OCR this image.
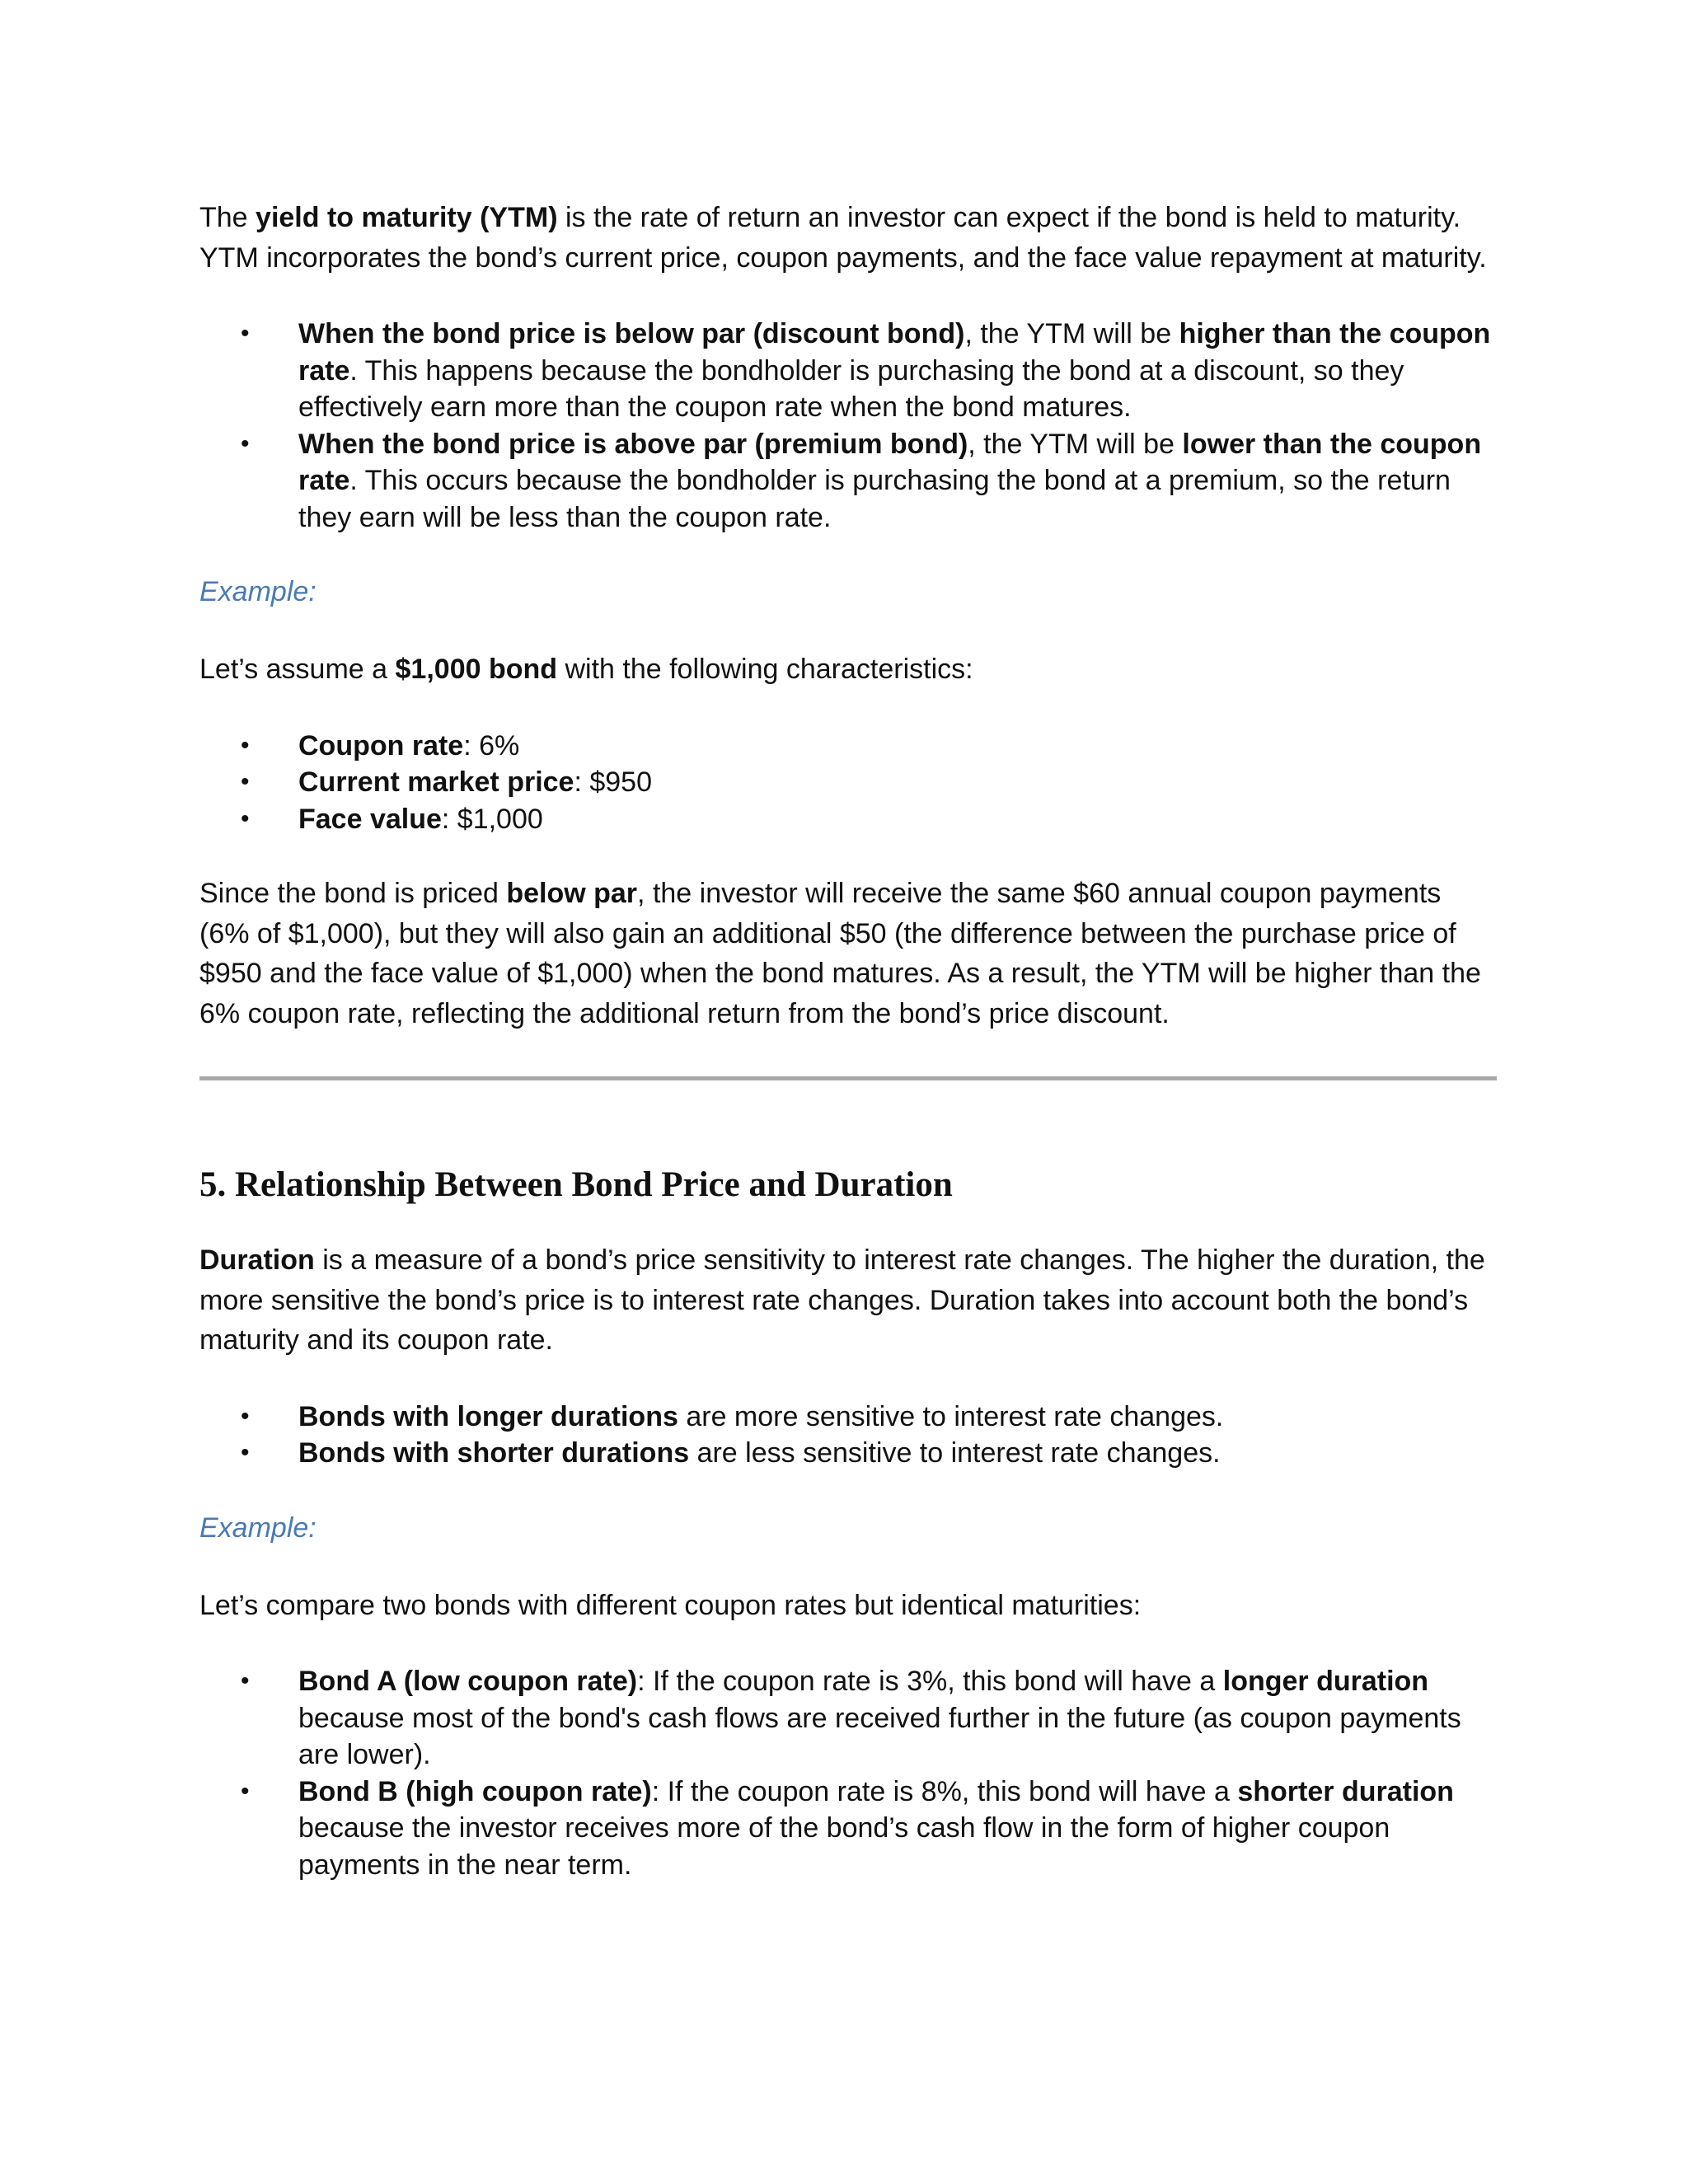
The yield to maturity (YTM) is the rate of return an investor can expect if the bond is held to maturity. YTM incorporates the bond’s current price, coupon payments, and the face value repayment at maturity.

• When the bond price is below par (discount bond), the YTM will be higher than the coupon rate. This happens because the bondholder is purchasing the bond at a discount, so they effectively earn more than the coupon rate when the bond matures.
• When the bond price is above par (premium bond), the YTM will be lower than the coupon rate. This occurs because the bondholder is purchasing the bond at a premium, so the return they earn will be less than the coupon rate.

Example:

Let’s assume a $1,000 bond with the following characteristics:

• Coupon rate: 6%
• Current market price: $950
• Face value: $1,000

Since the bond is priced below par, the investor will receive the same $60 annual coupon payments (6% of $1,000), but they will also gain an additional $50 (the difference between the purchase price of $950 and the face value of $1,000) when the bond matures. As a result, the YTM will be higher than the 6% coupon rate, reflecting the additional return from the bond’s price discount.

5. Relationship Between Bond Price and Duration

Duration is a measure of a bond’s price sensitivity to interest rate changes. The higher the duration, the more sensitive the bond’s price is to interest rate changes. Duration takes into account both the bond’s maturity and its coupon rate.

• Bonds with longer durations are more sensitive to interest rate changes.
• Bonds with shorter durations are less sensitive to interest rate changes.

Example:

Let’s compare two bonds with different coupon rates but identical maturities:

• Bond A (low coupon rate): If the coupon rate is 3%, this bond will have a longer duration because most of the bond's cash flows are received further in the future (as coupon payments are lower).
• Bond B (high coupon rate): If the coupon rate is 8%, this bond will have a shorter duration because the investor receives more of the bond’s cash flow in the form of higher coupon payments in the near term.
